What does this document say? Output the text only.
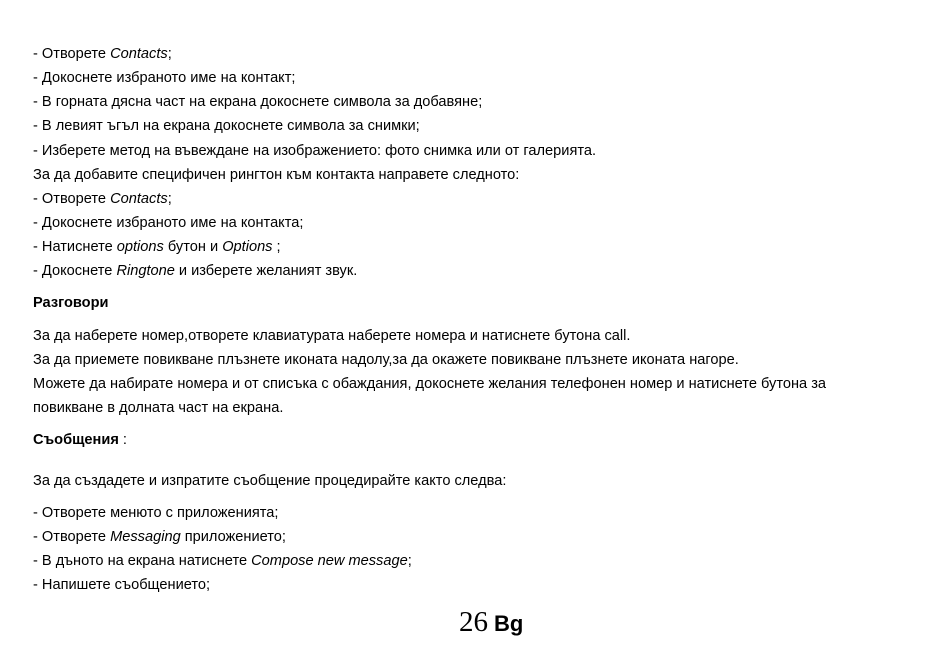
- Отворете Contacts;
- Докоснете избраното име на контакт;
- В горната дясна част на екрана докоснете символа за добавяне;
- В левият ъгъл на екрана докоснете символа за снимки;
- Изберете метод на въвеждане на изображението: фото снимка или от галерията.
За да добавите специфичен рингтон към контакта направете следното:
- Отворете Contacts;
- Докоснете избраното име на контакта;
- Натиснете options бутон и Options ;
- Докоснете Ringtone и изберете желаният звук.
Разговори
За да наберете номер,отворете клавиатурата наберете номера и натиснете бутона call.
За да приемете повикване плъзнете иконата надолу,за да окажете повикване плъзнете иконата нагоре.
Можете да набирате номера и от списъка с обаждания, докоснете желания телефонен номер и натиснете бутона за
повикване в долната част на екрана.
Съобщения :
За да създадете и изпратите съобщение процедирайте както следва:
- Отворете менюто с приложенията;
- Отворете Messaging приложението;
- В дъното на екрана натиснете Compose new message;
- Напишете съобщението;
26 Bg
